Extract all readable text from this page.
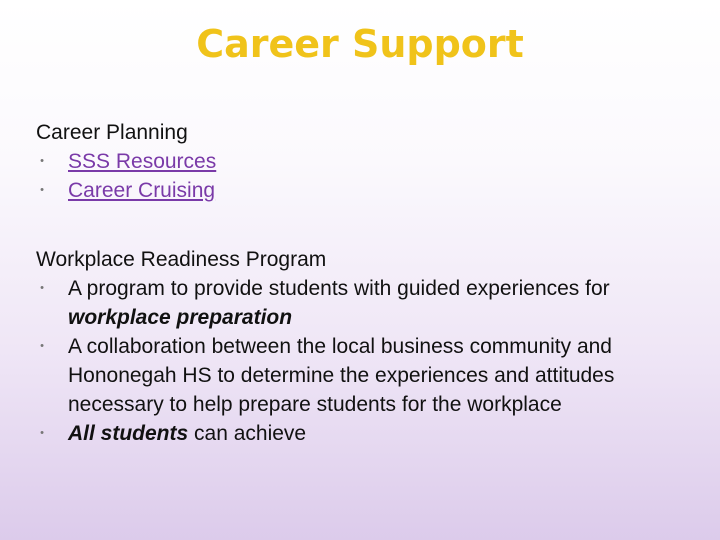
Career Support

Career Planning

• SSS Resources
• Career Cruising

Workplace Readiness Program

• A program to provide students with guided experiences for workplace preparation
• A collaboration between the local business community and Hononegah HS to determine the experiences and attitudes necessary to help prepare students for the workplace
• All students can achieve
